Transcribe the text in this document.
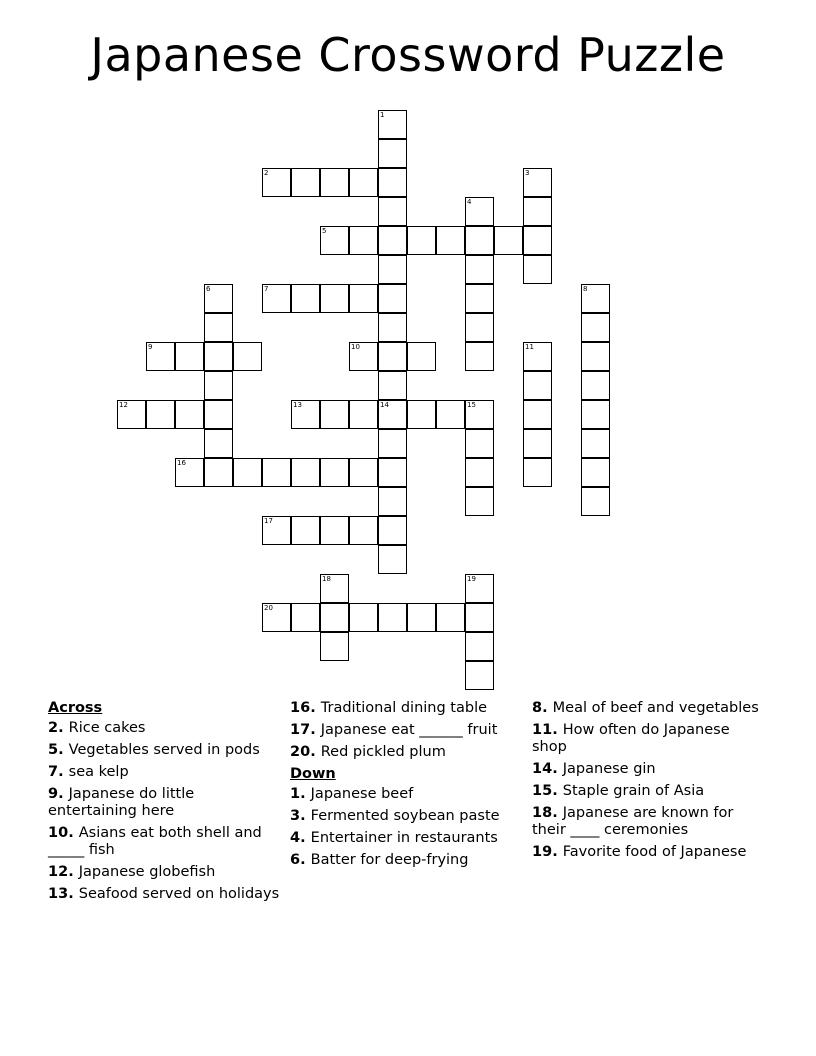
Japanese Crossword Puzzle
2
5
7
9	10
12	13	14	15
16
17
20
1
3
4
6	8
11
18	19
Across
2. Rice cakes
5. Vegetables served in pods
7. sea kelp
9. Japanese do little entertaining here
10. Asians eat both shell and _____ fish
12. Japanese globefish
13. Seafood served on holidays
16. Traditional dining table
17. Japanese eat ______ fruit
20. Red pickled plum
Down
1. Japanese beef
3. Fermented soybean paste
4. Entertainer in restaurants
6. Batter for deep-frying
8. Meal of beef and vegetables
11. How often do Japanese shop
14. Japanese gin
15. Staple grain of Asia
18. Japanese are known for their ____ ceremonies
19. Favorite food of Japanese
